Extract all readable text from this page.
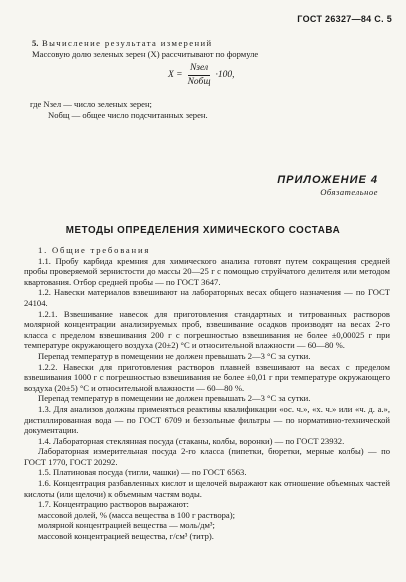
ГОСТ 26327—84 С. 5
5. Вычисление результата измерений
Массовую долю зеленых зерен (X) рассчитывают по формуле
$X = \frac{\text{Nзел}}{\text{Nобщ}} \cdot 100$,
где Nзел — число зеленых зерен;
Nобщ — общее число подсчитанных зерен.
ПРИЛОЖЕНИЕ 4
Обязательное
МЕТОДЫ ОПРЕДЕЛЕНИЯ ХИМИЧЕСКОГО СОСТАВА

1. Общие требования

1.1. Пробу карбида кремния для химического анализа готовят путем сокращения средней пробы проверяемой зернистости до массы 20—25 г с помощью струйчатого делителя или методом квартования. Отбор средней пробы — по ГОСТ 3647.

1.2. Навески материалов взвешивают на лабораторных весах общего назначения — по ГОСТ 24104.

1.2.1. Взвешивание навесок для приготовления стандартных и титрованных растворов молярной концентрации анализируемых проб, взвешивание осадков производят на весах 2-го класса с пределом взвешивания 200 г с погрешностью взвешивания не более ±0,00025 г при температуре окружающего воздуха (20±2) °С и относительной влажности — 60—80 %.

Перепад температур в помещении не должен превышать 2—3 °С за сутки.

1.2.2. Навески для приготовления растворов плавней взвешивают на весах с пределом взвешивания 1000 г с погрешностью взвешивания не более ±0,01 г при температуре окружающего воздуха (20±5) °С и относительной влажности — 60—80 %.

Перепад температур в помещении не должен превышать 2—3 °С за сутки.

1.3. Для анализов должны применяться реактивы квалификации «ос. ч.», «х. ч.» или «ч. д. а.», дистиллированная вода — по ГОСТ 6709 и беззольные фильтры — по нормативно-технической документации.

1.4. Лабораторная стеклянная посуда (стаканы, колбы, воронки) — по ГОСТ 23932.

Лабораторная измерительная посуда 2-го класса (пипетки, бюретки, мерные колбы) — по ГОСТ 1770, ГОСТ 20292.

1.5. Платиновая посуда (тигли, чашки) — по ГОСТ 6563.

1.6. Концентрация разбавленных кислот и щелочей выражают как отношение объемных частей кислоты (или щелочи) к объемным частям воды.

1.7. Концентрацию растворов выражают:

массовой долей, % (масса вещества в 100 г раствора);

молярной концентрацией вещества — моль/дм³;

массовой концентрацией вещества, г/см³ (титр).
